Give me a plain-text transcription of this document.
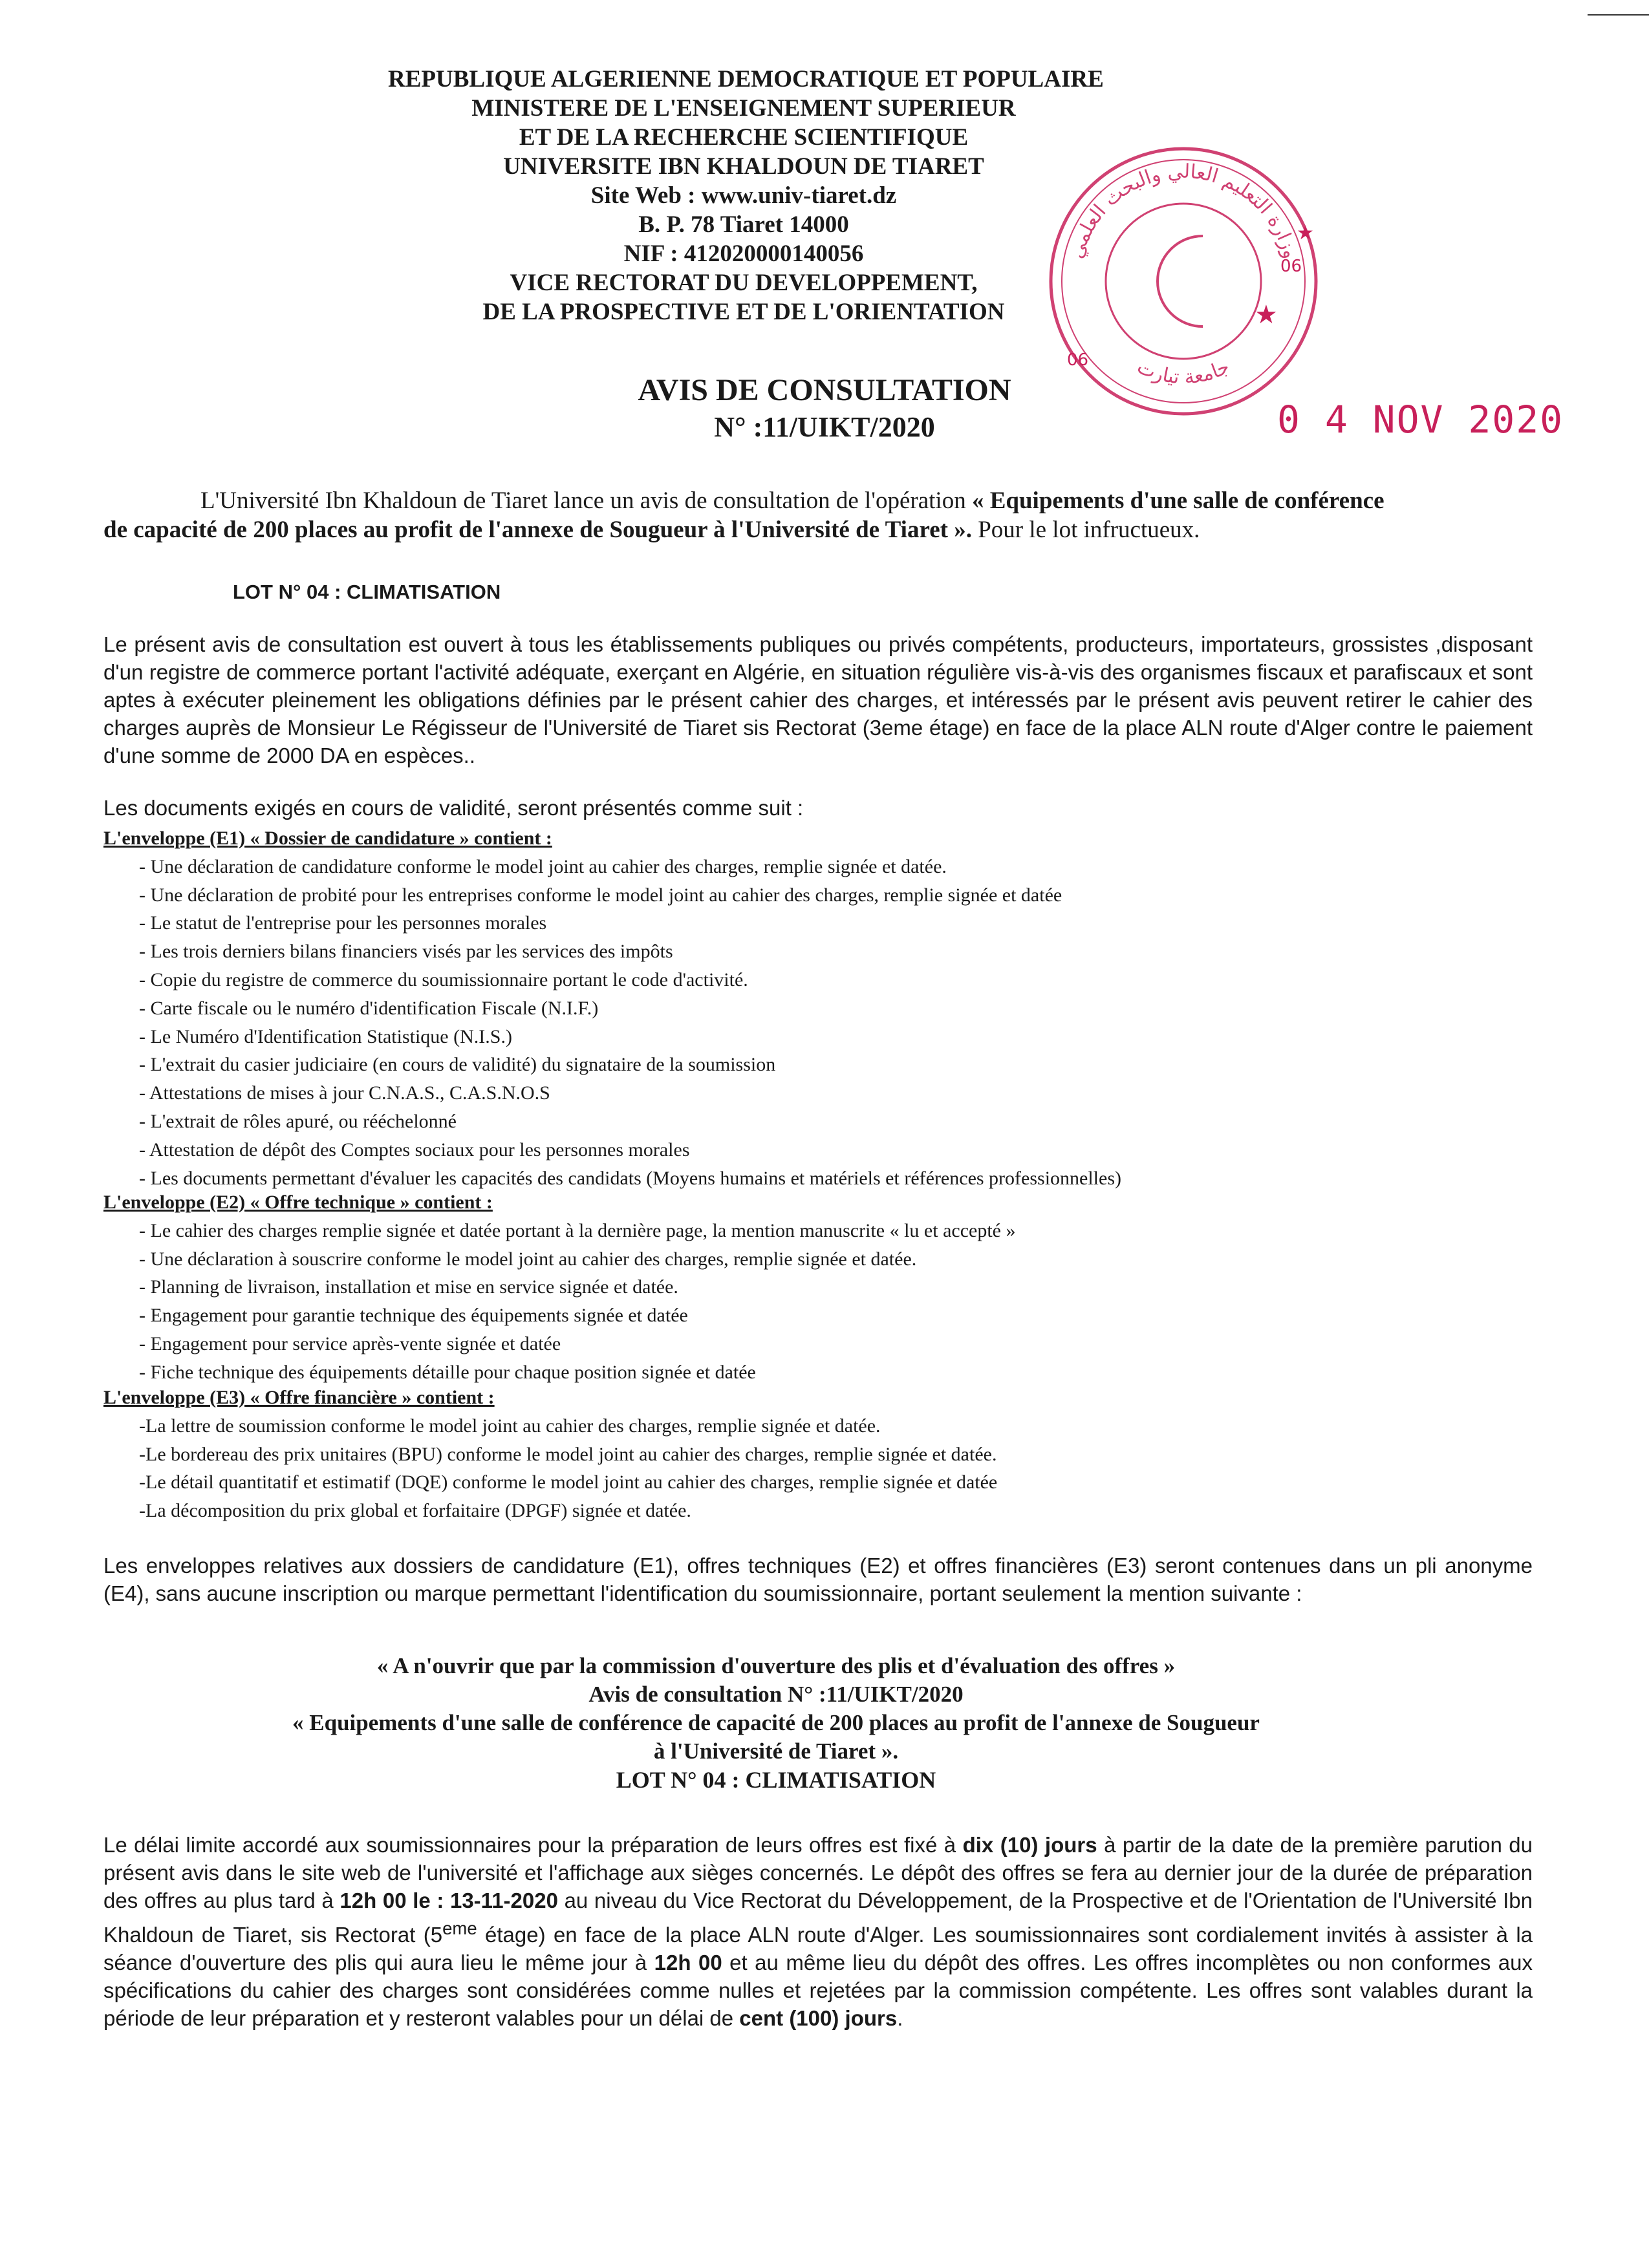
REPUBLIQUE ALGERIENNE DEMOCRATIQUE ET POPULAIRE
MINISTERE DE L'ENSEIGNEMENT SUPERIEUR
ET DE LA RECHERCHE SCIENTIFIQUE
UNIVERSITE IBN KHALDOUN DE TIARET
Site Web : www.univ-tiaret.dz
B. P. 78 Tiaret 14000
NIF : 412020000140056
VICE RECTORAT DU DEVELOPPEMENT,
DE LA PROSPECTIVE ET DE L'ORIENTATION
وزارة التعليم العالي والبحث العلمي
جامعة تيارت
06
06
★
★
0 4 NOV 2020
AVIS DE CONSULTATION
N° :11/UIKT/2020

L'Université Ibn Khaldoun de Tiaret lance un avis de consultation de l'opération « Equipements d'une salle de conférence de capacité de 200 places au profit de l'annexe de Sougueur à l'Université de Tiaret ». Pour le lot infructueux.

LOT N° 04 : CLIMATISATION

Le présent avis de consultation est ouvert à tous les établissements publiques ou privés compétents, producteurs, importateurs, grossistes ,disposant d'un registre de commerce portant l'activité adéquate, exerçant en Algérie, en situation régulière vis-à-vis des organismes fiscaux et parafiscaux et sont aptes à exécuter pleinement les obligations définies par le présent cahier des charges, et intéressés par le présent avis peuvent retirer le cahier des charges auprès de Monsieur Le Régisseur de l'Université de Tiaret sis Rectorat (3eme étage) en face de la place ALN route d'Alger contre le paiement d'une somme de 2000 DA en espèces..

Les documents exigés en cours de validité, seront présentés comme suit :
L'enveloppe (E1) « Dossier de candidature » contient :
- Une déclaration de candidature conforme le model joint au cahier des charges, remplie signée et datée.
- Une déclaration de probité pour les entreprises conforme le model joint au cahier des charges, remplie signée et datée
- Le statut de l'entreprise pour les personnes morales
- Les trois derniers bilans financiers visés par les services des impôts
- Copie du registre de commerce du soumissionnaire portant le code d'activité.
- Carte fiscale ou le numéro d'identification Fiscale (N.I.F.)
- Le Numéro d'Identification Statistique (N.I.S.)
- L'extrait du casier judiciaire (en cours de validité) du signataire de la soumission
- Attestations de mises à jour C.N.A.S., C.A.S.N.O.S
- L'extrait de rôles apuré, ou rééchelonné
- Attestation de dépôt des Comptes sociaux pour les personnes morales
- Les documents permettant d'évaluer les capacités des candidats (Moyens humains et matériels et références professionnelles)
L'enveloppe (E2) « Offre technique » contient :
- Le cahier des charges remplie signée et datée portant à la dernière page, la mention manuscrite « lu et accepté »
- Une déclaration à souscrire conforme le model joint au cahier des charges, remplie signée et datée.
- Planning de livraison, installation et mise en service signée et datée.
- Engagement pour garantie technique des équipements signée et datée
- Engagement pour service après-vente signée et datée
- Fiche technique des équipements détaille pour chaque position signée et datée
L'enveloppe (E3) « Offre financière » contient :
-La lettre de soumission conforme le model joint au cahier des charges, remplie signée et datée.
-Le bordereau des prix unitaires (BPU) conforme le model joint au cahier des charges, remplie signée et datée.
-Le détail quantitatif et estimatif (DQE) conforme le model joint au cahier des charges, remplie signée et datée
-La décomposition du prix global et forfaitaire (DPGF) signée et datée.

Les enveloppes relatives aux dossiers de candidature (E1), offres techniques (E2) et offres financières (E3) seront contenues dans un pli anonyme (E4), sans aucune inscription ou marque permettant l'identification du soumissionnaire, portant seulement la mention suivante :

« A n'ouvrir que par la commission d'ouverture des plis et d'évaluation des offres »
Avis de consultation N° :11/UIKT/2020
« Equipements d'une salle de conférence de capacité de 200 places au profit de l'annexe de Sougueur
à l'Université de Tiaret ».
LOT N° 04 : CLIMATISATION

Le délai limite accordé aux soumissionnaires pour la préparation de leurs offres est fixé à dix (10) jours à partir de la date de la première parution du présent avis dans le site web de l'université et l'affichage aux sièges concernés. Le dépôt des offres se fera au dernier jour de la durée de préparation des offres au plus tard à 12h 00 le : 13-11-2020 au niveau du Vice Rectorat du Développement, de la Prospective et de l'Orientation de l'Université Ibn Khaldoun de Tiaret, sis Rectorat (5eme étage) en face de la place ALN route d'Alger. Les soumissionnaires sont cordialement invités à assister à la séance d'ouverture des plis qui aura lieu le même jour à 12h 00 et au même lieu du dépôt des offres. Les offres incomplètes ou non conformes aux spécifications du cahier des charges sont considérées comme nulles et rejetées par la commission compétente. Les offres sont valables durant la période de leur préparation et y resteront valables pour un délai de cent (100) jours.
